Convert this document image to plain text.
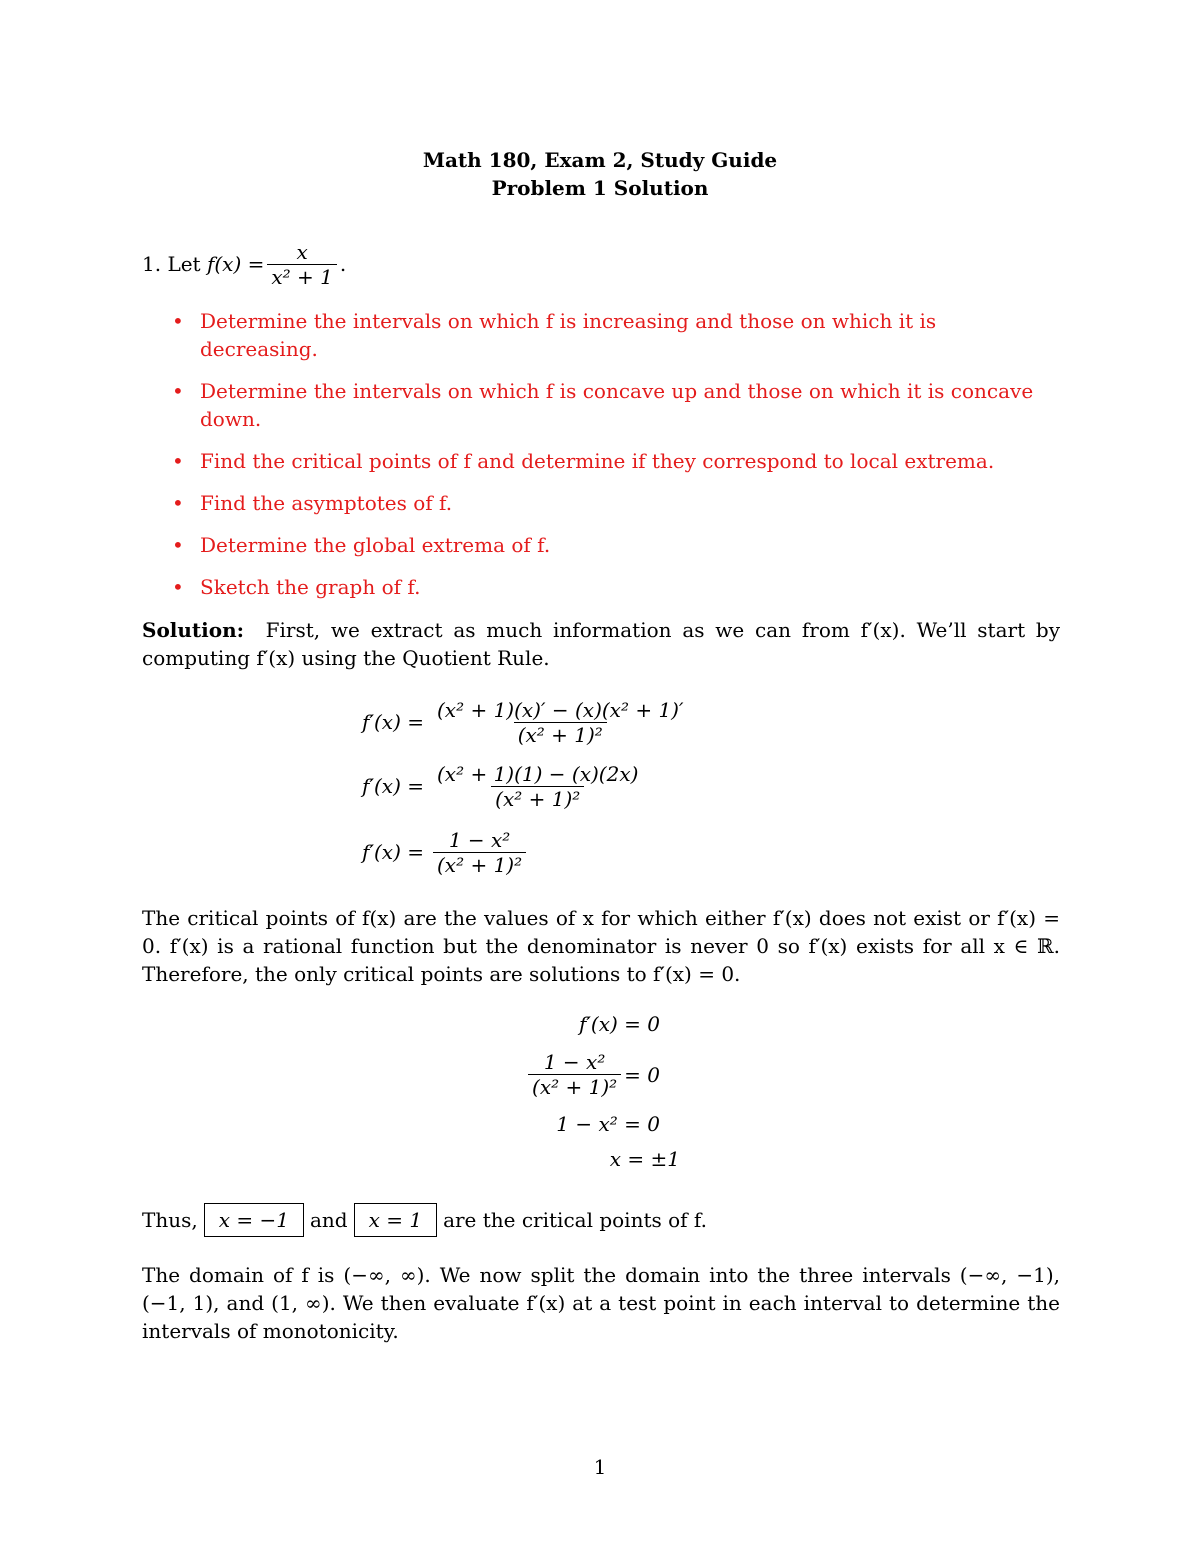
Math 180, Exam 2, Study Guide
Problem 1 Solution
1. Let
$f(x) = \frac{x}{\text{x² + 1}}$ .
• Determine the intervals on which f is increasing and those on which it is decreasing.
• Determine the intervals on which f is concave up and those on which it is concave down.
• Find the critical points of f and determine if they correspond to local extrema.
• Find the asymptotes of f.
• Determine the global extrema of f.
• Sketch the graph of f.
Solution: First, we extract as much information as we can from f′(x). We’ll start by computing f′(x) using the Quotient Rule.
$f'(x) = \frac{\text{(x² + 1)(x)′ − (x)(x² + 1)′}}{\text{(x² + 1)²}}$
$f'(x) = \frac{\text{(x² + 1)(1) − (x)(2x)}}{\text{(x² + 1)²}}$
$f'(x) = \frac{\text{1 − x²}}{\text{(x² + 1)²}}$
The critical points of f(x) are the values of x for which either f′(x) does not exist or f′(x) = 0. f′(x) is a rational function but the denominator is never 0 so f′(x) exists for all x ∈ ℝ. Therefore, the only critical points are solutions to f′(x) = 0.
f′(x) = 0
$\frac{\text{1 − x²}}{\text{(x² + 1)²}} = 0$
1 − x² = 0
x = ±1
Thus,	x = −1	and	x = 1	are the critical points of f.
The domain of f is (−∞, ∞). We now split the domain into the three intervals (−∞, −1), (−1, 1), and (1, ∞). We then evaluate f′(x) at a test point in each interval to determine the intervals of monotonicity.
1
